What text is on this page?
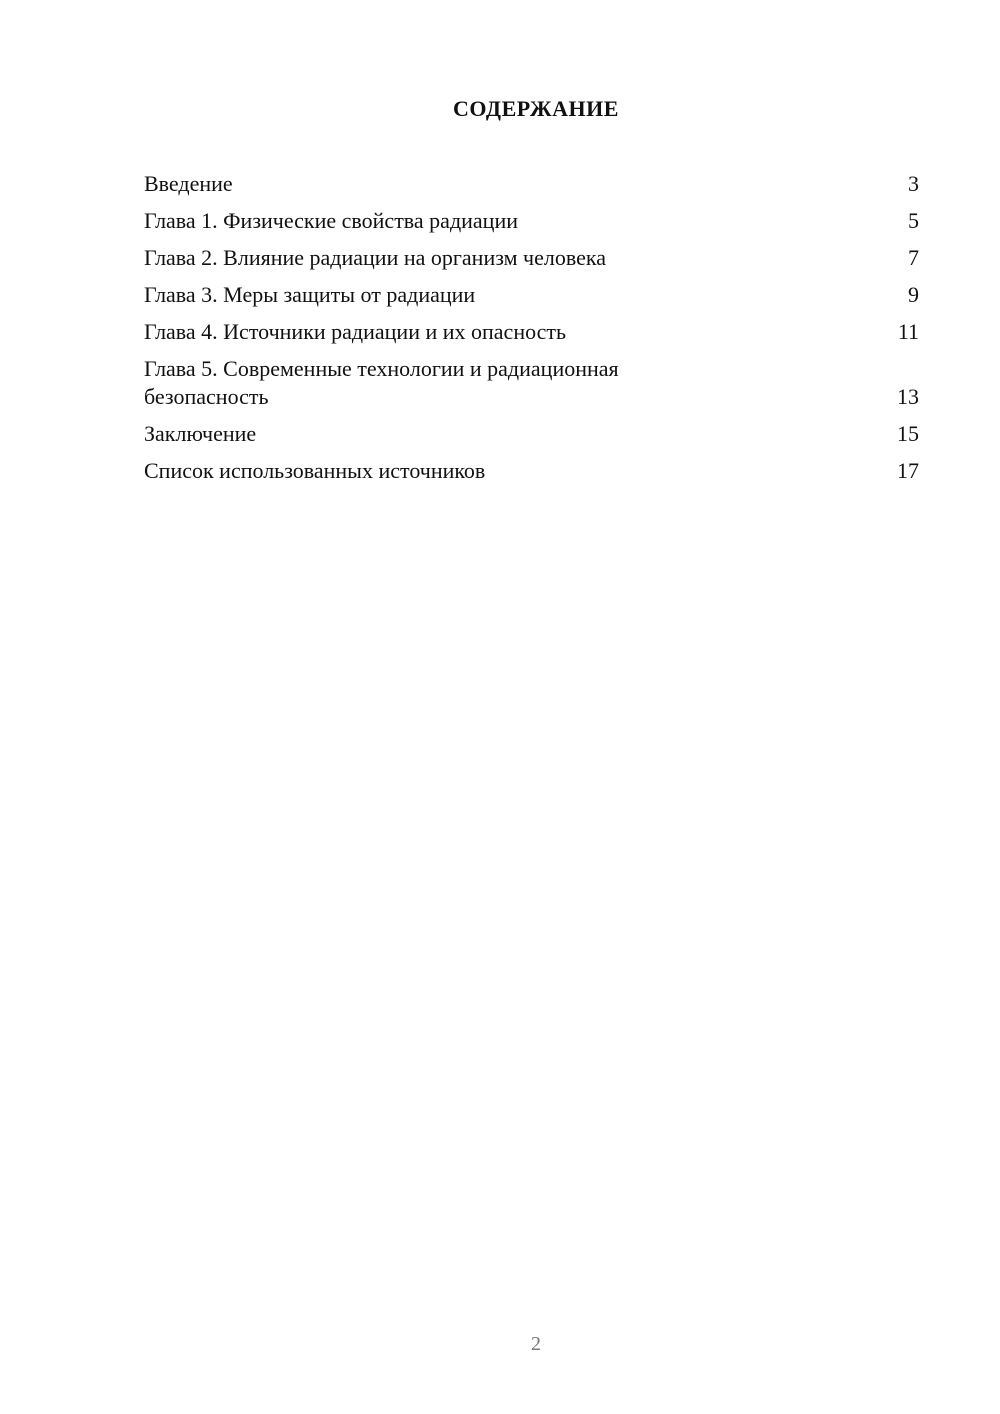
СОДЕРЖАНИЕ
Введение	3
Глава 1. Физические свойства радиации	5
Глава 2. Влияние радиации на организм человека	7
Глава 3. Меры защиты от радиации	9
Глава 4. Источники радиации и их опасность	11
Глава 5. Современные технологии и радиационная безопасность	13
Заключение	15
Список использованных источников	17
2
